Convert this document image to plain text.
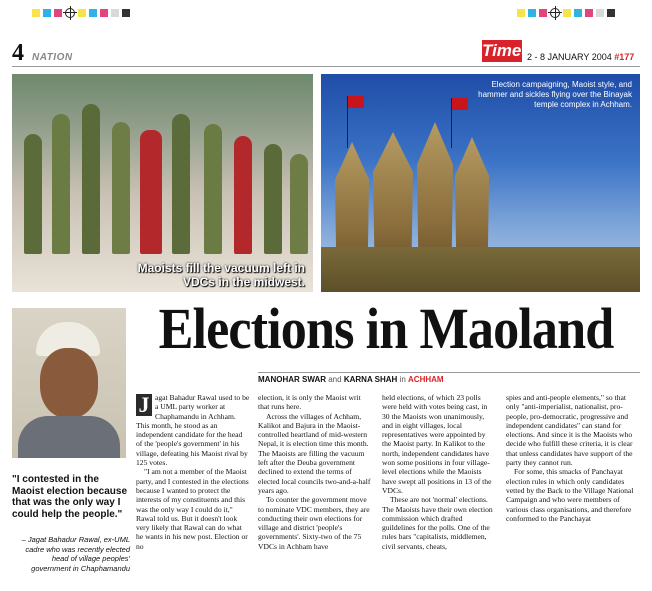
4 NATION	Times
2 - 8 JANUARY 2004 #177
Maoists fill the vacuum left in VDCs in the midwest.
Election campaigning, Maoist style, and hammer and sickles flying over the Binayak temple complex in Achham.
"I contested in the Maoist election because that was the only way I could help the people."
– Jagat Bahadur Rawal, ex-UML cadre who was recently elected head of village peoples' government in Chaphamandu
Elections in Maoland
MANOHAR SWAR and KARNA SHAH in ACHHAM

J agat Bahadur Rawal used to be a UML party worker at Chaphamandu in Achham. This month, he stood as an independent candidate for the head of the 'people's government' in his village, defeating his Maoist rival by 125 votes.

"I am not a member of the Maoist party, and I contested in the elections because I wanted to protect the interests of my constituents and this was the only way I could do it," Rawal told us. But it doesn't look very likely that Rawal can do what he wants in his new post. Election or no

election, it is only the Maoist writ that runs here.

Across the villages of Achham, Kalikot and Bajura in the Maoist-controlled heartland of mid-western Nepal, it is election time this month. The Maoists are filling the vacuum left after the Deuba government declined to extend the terms of elected local councils two-and-a-half years ago.

To counter the government move to nominate VDC members, they are conducting their own elections for village and district 'people's governments'. Sixty-two of the 75 VDCs in Achham have

held elections, of which 23 polls were held with votes being cast, in 30 the Maoists won unanimously, and in eight villages, local representatives were appointed by the Maoist party. In Kalikot to the north, independent candidates have won some positions in four village-level elections while the Maoists have swept all positions in 13 of the VDCs.

These are not 'normal' elections. The Maoists have their own election commission which drafted guildelines for the polls. One of the rules bars "capitalists, middlemen, civil servants, cheats,

spies and anti-people elements," so that only "anti-imperialist, nationalist, pro-people, pro-democratic, progressive and independent candidates" can stand for elections. And since it is the Maoists who decide who fulfill these criteria, it is clear that unless candidates have support of the party they cannot run.

For some, this smacks of Panchayat election rules in which only candidates vetted by the Back to the Village National Campaign and who were members of various class organisations, and therefore conformed to the Panchayat
